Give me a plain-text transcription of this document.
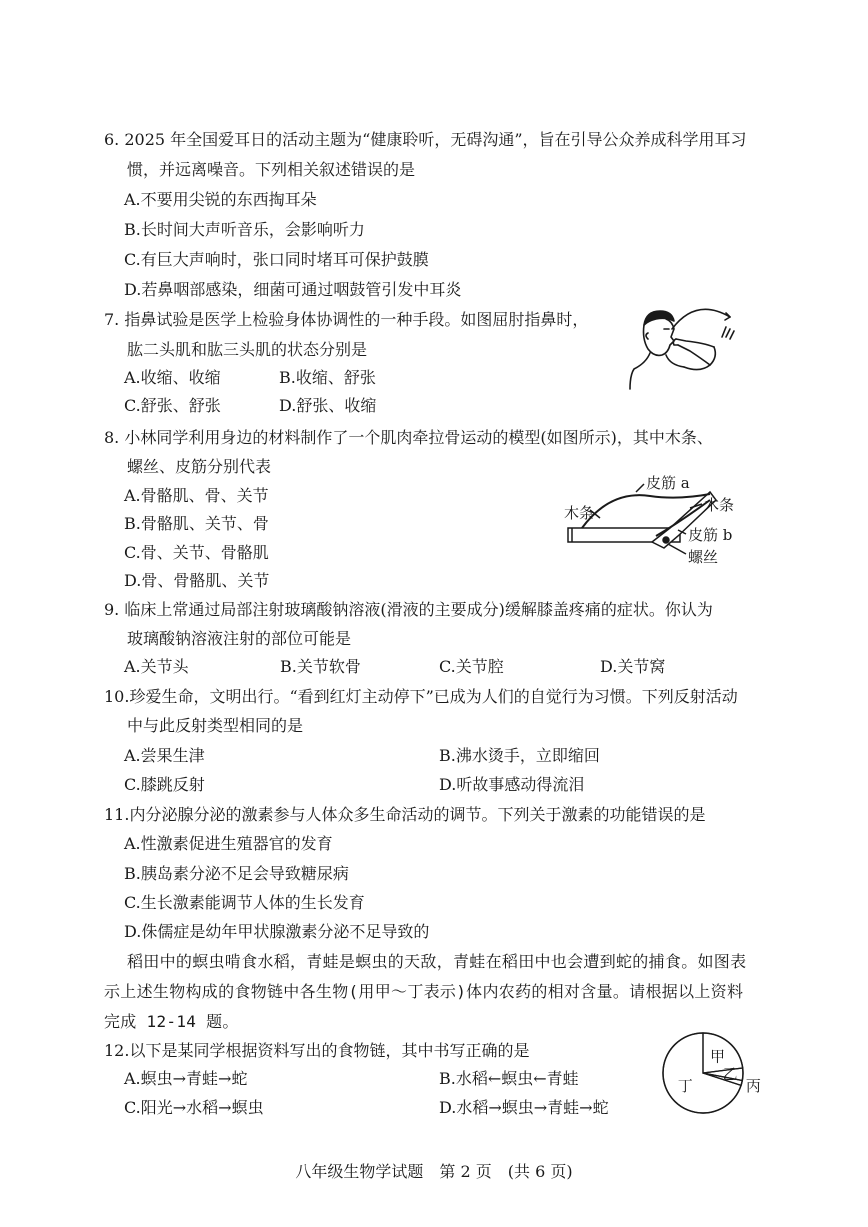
6. 2025 年全国爱耳日的活动主题为“健康聆听，无碍沟通”，旨在引导公众养成科学用耳习
惯，并远离噪音。下列相关叙述错误的是
A.不要用尖锐的东西掏耳朵
B.长时间大声听音乐，会影响听力
C.有巨大声响时，张口同时堵耳可保护鼓膜
D.若鼻咽部感染，细菌可通过咽鼓管引发中耳炎
7. 指鼻试验是医学上检验身体协调性的一种手段。如图屈肘指鼻时，
肱二头肌和肱三头肌的状态分别是
A.收缩、收缩	B.收缩、舒张
C.舒张、舒张	D.舒张、收缩
8. 小林同学利用身边的材料制作了一个肌肉牵拉骨运动的模型(如图所示)，其中木条、
螺丝、皮筋分别代表
A.骨骼肌、骨、关节
B.骨骼肌、关节、骨
C.骨、关节、骨骼肌
D.骨、骨骼肌、关节
皮筋 a
木条
木条
皮筋 b
螺丝
9. 临床上常通过局部注射玻璃酸钠溶液(滑液的主要成分)缓解膝盖疼痛的症状。你认为
玻璃酸钠溶液注射的部位可能是
A.关节头	B.关节软骨	C.关节腔	D.关节窝
10.珍爱生命，文明出行。“看到红灯主动停下”已成为人们的自觉行为习惯。下列反射活动
中与此反射类型相同的是
A.尝果生津	B.沸水烫手，立即缩回
C.膝跳反射	D.听故事感动得流泪
11.内分泌腺分泌的激素参与人体众多生命活动的调节。下列关于激素的功能错误的是
A.性激素促进生殖器官的发育
B.胰岛素分泌不足会导致糖尿病
C.生长激素能调节人体的生长发育
D.侏儒症是幼年甲状腺激素分泌不足导致的
稻田中的螟虫啃食水稻，青蛙是螟虫的天敌，青蛙在稻田中也会遭到蛇的捕食。如图表
示上述生物构成的食物链中各生物(用甲～丁表示)体内农药的相对含量。请根据以上资料
完成 12-14 题。
12.以下是某同学根据资料写出的食物链，其中书写正确的是
A.螟虫→青蛙→蛇	B.水稻←螟虫←青蛙
C.阳光→水稻→螟虫	D.水稻→螟虫→青蛙→蛇
甲
乙
丙
丁
八年级生物学试题　第 2 页　(共 6 页)
